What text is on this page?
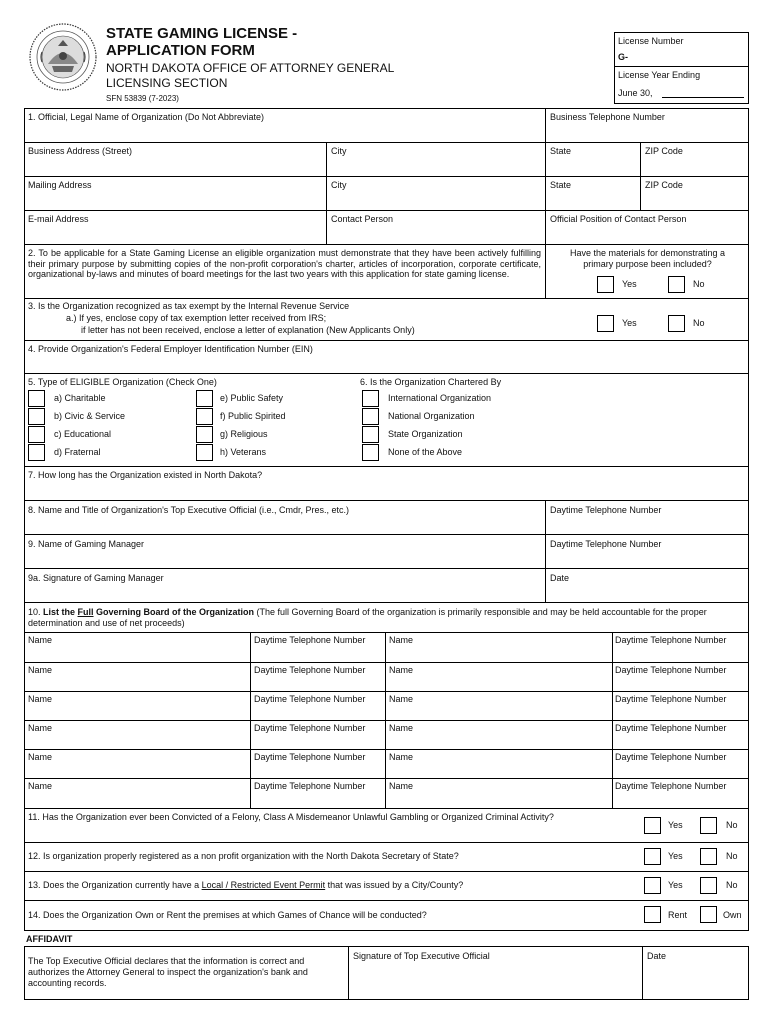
STATE GAMING LICENSE -
APPLICATION FORM
NORTH DAKOTA OFFICE OF ATTORNEY GENERAL
LICENSING SECTION
SFN 53839 (7-2023)
License Number
G-
License Year Ending
June 30,
1. Official, Legal Name of Organization (Do Not Abbreviate)	Business Telephone Number
Business Address (Street)	City	State	ZIP Code
Mailing Address	City	State	ZIP Code
E-mail Address	Contact Person	Official Position of Contact Person
2. To be applicable for a State Gaming License an eligible organization must demonstrate that they have been actively fulfilling their primary purpose by submitting copies of the non-profit corporation's charter, articles of incorporation, corporate certificate, organizational by-laws and minutes of board meetings for the last two years with this application for state gaming license.
Have the materials for demonstrating a primary purpose been included?
Yes	No
3. Is the Organization recognized as tax exempt by the Internal Revenue Service
a.) If yes, enclose copy of tax exemption letter received from IRS;
if letter has not been received, enclose a letter of explanation (New Applicants Only)
Yes	No
4. Provide Organization's Federal Employer Identification Number (EIN)
5. Type of ELIGIBLE Organization (Check One)	6. Is the Organization Chartered By
a) Charitable
b) Civic & Service
c) Educational
d) Fraternal
e) Public Safety
f) Public Spirited
g) Religious
h) Veterans
International Organization
National Organization
State Organization
None of the Above
7. How long has the Organization existed in North Dakota?
8. Name and Title of Organization's Top Executive Official (i.e., Cmdr, Pres., etc.)	Daytime Telephone Number
9. Name of Gaming Manager	Daytime Telephone Number
9a. Signature of Gaming Manager	Date
10. List the Full Governing Board of the Organization (The full Governing Board of the organization is primarily responsible and may be held accountable for the proper determination and use of net proceeds)
Name	Daytime Telephone Number	Name	Daytime Telephone Number
Name	Daytime Telephone Number	Name	Daytime Telephone Number
Name	Daytime Telephone Number	Name	Daytime Telephone Number
Name	Daytime Telephone Number	Name	Daytime Telephone Number
Name	Daytime Telephone Number	Name	Daytime Telephone Number
Name	Daytime Telephone Number	Name	Daytime Telephone Number
11. Has the Organization ever been Convicted of a Felony, Class A Misdemeanor Unlawful Gambling or Organized Criminal Activity?
Yes	No
12. Is organization properly registered as a non profit organization with the North Dakota Secretary of State?	Yes	No
13. Does the Organization currently have a Local / Restricted Event Permit that was issued by a City/County?	Yes	No
14. Does the Organization Own or Rent the premises at which Games of Chance will be conducted?	Rent	Own
AFFIDAVIT
The Top Executive Official declares that the information is correct and authorizes the Attorney General to inspect the organization's bank and accounting records.
Signature of Top Executive Official	Date
